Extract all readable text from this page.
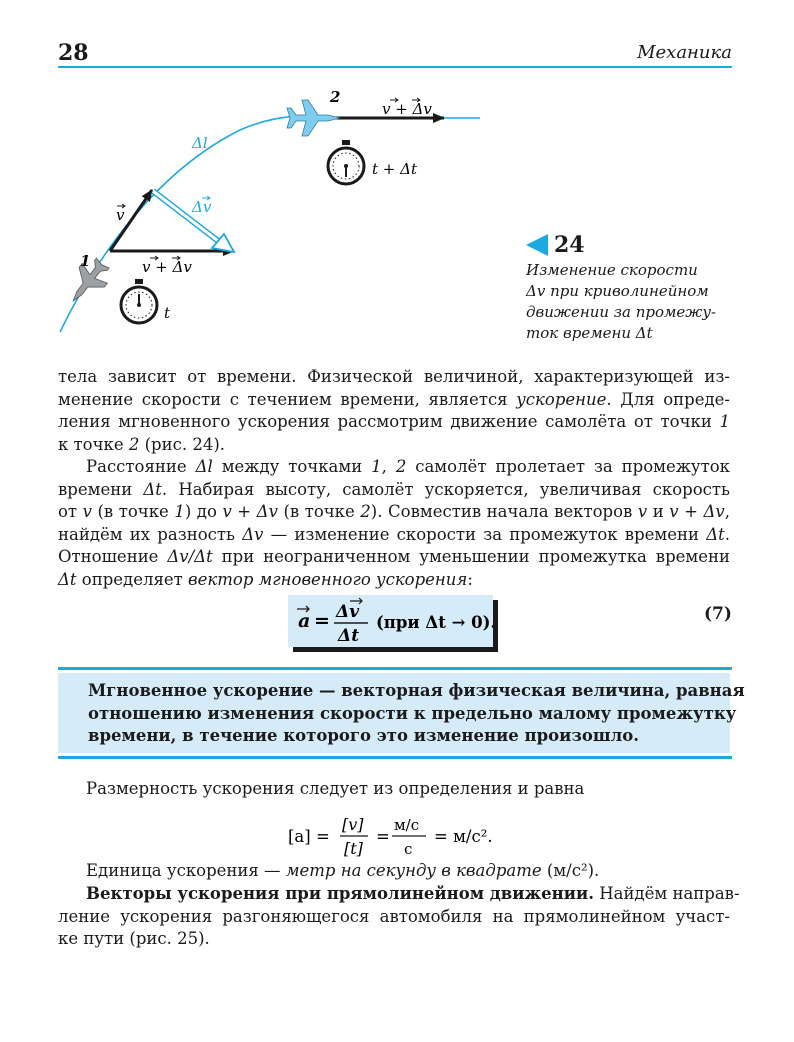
28	Механика
1
2
Δl
v	Δv
v + Δv
v + Δv
t
t + Δt
24
Изменение скорости
Δv при криволинейном
движении за промежу-
ток времени Δt
тела зависит от времени. Физической величиной, характеризующей из-
менение скорости с течением времени, является ускорение. Для опреде-
ления мгновенного ускорения рассмотрим движение самолёта от точки 1
к точке 2 (рис. 24).
Расстояние Δl между точками 1, 2 самолёт пролетает за промежуток
времени Δt. Набирая высоту, самолёт ускоряется, увеличивая скорость
от v (в точке 1) до v + Δv (в точке 2). Совместив начала векторов v и v + Δv,
найдём их разность Δv — изменение скорости за промежуток времени Δt.
Отношение Δv/Δt при неограниченном уменьшении промежутка времени
Δt определяет вектор мгновенного ускорения:
a = Δv
Δt
(при Δt → 0).	(7)
Мгновенное ускорение — векторная физическая величина, равная
отношению изменения скорости к предельно малому промежутку
времени, в течение которого это изменение произошло.
Размерность ускорения следует из определения и равна
[a] =
[v]
[t]
=
м/с
с
= м/с².
Единица ускорения — метр на секунду в квадрате (м/с²).
Векторы ускорения при прямолинейном движении. Найдём направ-
ление ускорения разгоняющегося автомобиля на прямолинейном участ-
ке пути (рис. 25).
